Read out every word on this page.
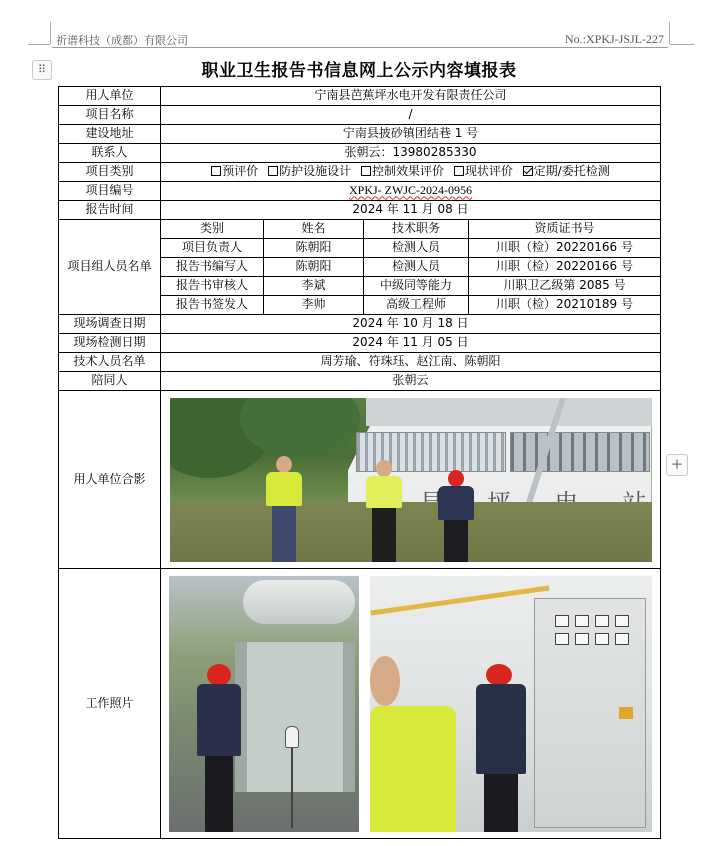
祈谱科技（成都）有限公司	No.:XPKJ-JSJL-227
⠿
+
职业卫生报告书信息网上公示内容填报表
用人单位	宁南县芭蕉坪水电开发有限责任公司			
项目名称	/			
建设地址	宁南县披砂镇团结巷 1 号			
联系人	张朝云：13980285330			
项目类别	预评价 防护设施设计 控制效果评价 现状评价 定期/委托检测			
项目编号	XPKJ- ZWJC-2024-0956			
报告时间	2024 年 11 月 08 日			
项目组人员名单	类别	姓名	技术职务	资质证书号
	项目负责人	陈朝阳	检测人员	川职（检）20220166 号
	报告书编写人	陈朝阳	检测人员	川职（检）20220166 号
	报告书审核人	李斌	中级同等能力	川职卫乙级第 2085 号
	报告书签发人	李帅	高级工程师	川职（检）20210189 号
现场调查日期	2024 年 10 月 18 日			
现场检测日期	2024 年 11 月 05 日			
技术人员名单	周芳瑜、符珠珏、赵江南、陈朝阳			
陪同人	张朝云			
用人单位合影	

工作照片				
